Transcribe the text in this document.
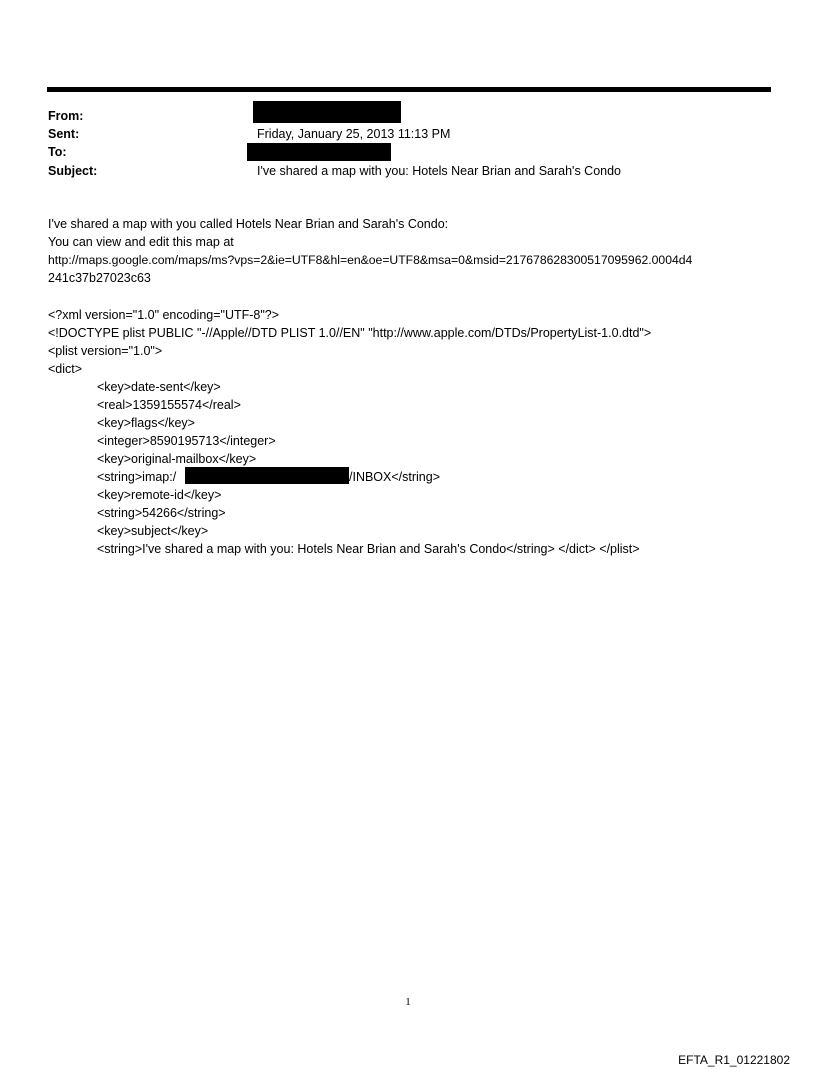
From:
Sent:	Friday, January 25, 2013 11:13 PM
To:
Subject:	I've shared a map with you: Hotels Near Brian and Sarah's Condo
I've shared a map with you called Hotels Near Brian and Sarah's Condo:
You can view and edit this map at
http://maps.google.com/maps/ms?vps=2&ie=UTF8&hl=en&oe=UTF8&msa=0&msid=217678628300517095962.0004d4
241c37b27023c63
<?xml version="1.0" encoding="UTF-8"?>
<!DOCTYPE plist PUBLIC "-//Apple//DTD PLIST 1.0//EN" "http://www.apple.com/DTDs/PropertyList-1.0.dtd">
<plist version="1.0">
<dict>
<key>date-sent</key>
<real>1359155574</real>
<key>flags</key>
<integer>8590195713</integer>
<key>original-mailbox</key>
<string>imap:/	/INBOX</string>
<key>remote-id</key>
<string>54266</string>
<key>subject</key>
<string>I've shared a map with you: Hotels Near Brian and Sarah's Condo</string> </dict> </plist>
1
EFTA_R1_01221802
